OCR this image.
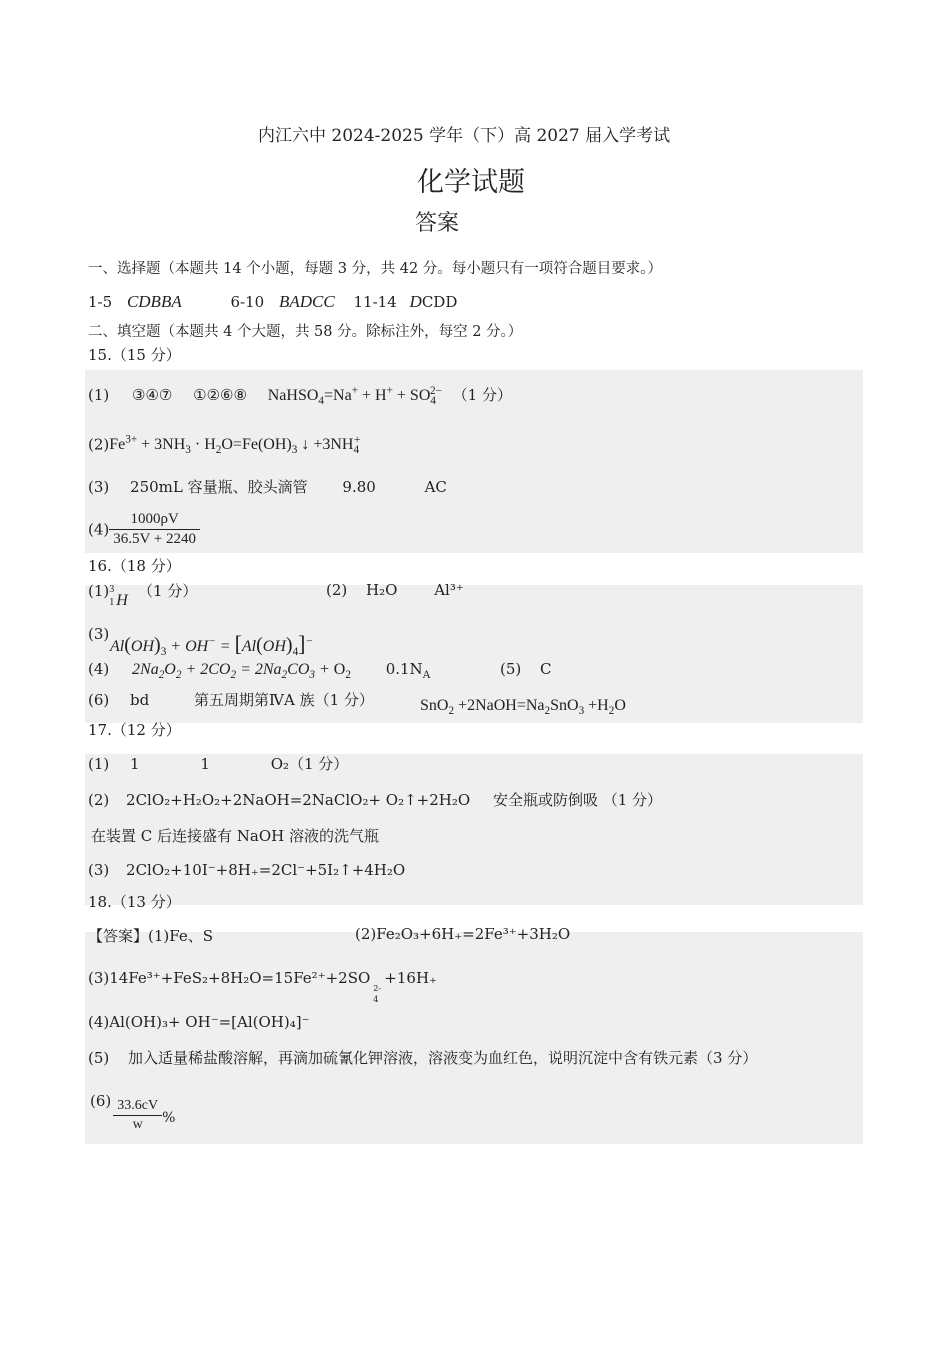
内江六中 2024-2025 学年（下）高 2027 届入学考试
化学试题
答案
一、选择题（本题共 14 个小题，每题 3 分，共 42 分。每小题只有一项符合题目要求。）
1-5 CDBBA	6-10 BADCC 11-14 DCDD
二、填空题（本题共 4 个大题，共 58 分。除标注外，每空 2 分。）
15.（15 分）
(1) ③④⑦ ①②⑥⑧ NaHSO$_4$=Na+ + $H^+ + SO_4^{2-}$ （1 分）
$(2)Fe^{3+} + 3NH_3 \cdot H_2O=Fe(OH)_3$ ↓ $+3NH_4^+$
(3) 250mL 容量瓶、胶头滴管 9.80	AC
$(4) \frac{1000\rho V}{36.5V + 2240}$
16.（18 分）
(1) 3
1 H
（1 分）	(2) H₂O Al³⁺
(3) $Al(OH)_3 + OH^- = [Al(OH)_4]^-$
(4) $2Na_2O_2 + 2CO_2 = 2Na_2CO_3 + O_2$ $0.1N_A$	(5) C
(6) bd	第五周期第ⅣA 族（1 分）	$SnO_2 +2NaOH=Na_2SnO_3 +H_2O$
17.（12 分）
(1) 1	1	O₂（1 分）
(2) 2ClO₂+H₂O₂+2NaOH=2NaClO₂+ O₂↑+2H₂O 安全瓶或防倒吸 （1 分）
在装置 C 后连接盛有 NaOH 溶液的洗气瓶
(3) 2ClO₂+10I⁻+8H₊=2Cl⁻+5I₂↑+4H₂O
18.（13 分）
【答案】(1)Fe、S	(2)Fe₂O₃+6H₊=2Fe³⁺+3H₂O
(3)14Fe³⁺+FeS₂+8H₂O=15Fe²⁺+2SO
2-
4
+16H₊
(4)Al(OH)₃+ OH⁻=[Al(OH)₄]⁻
(5) 加入适量稀盐酸溶解，再滴加硫氰化钾溶液，溶液变为血红色，说明沉淀中含有铁元素（3 分）
$(6) \frac{33.6cV}{w}$ %
